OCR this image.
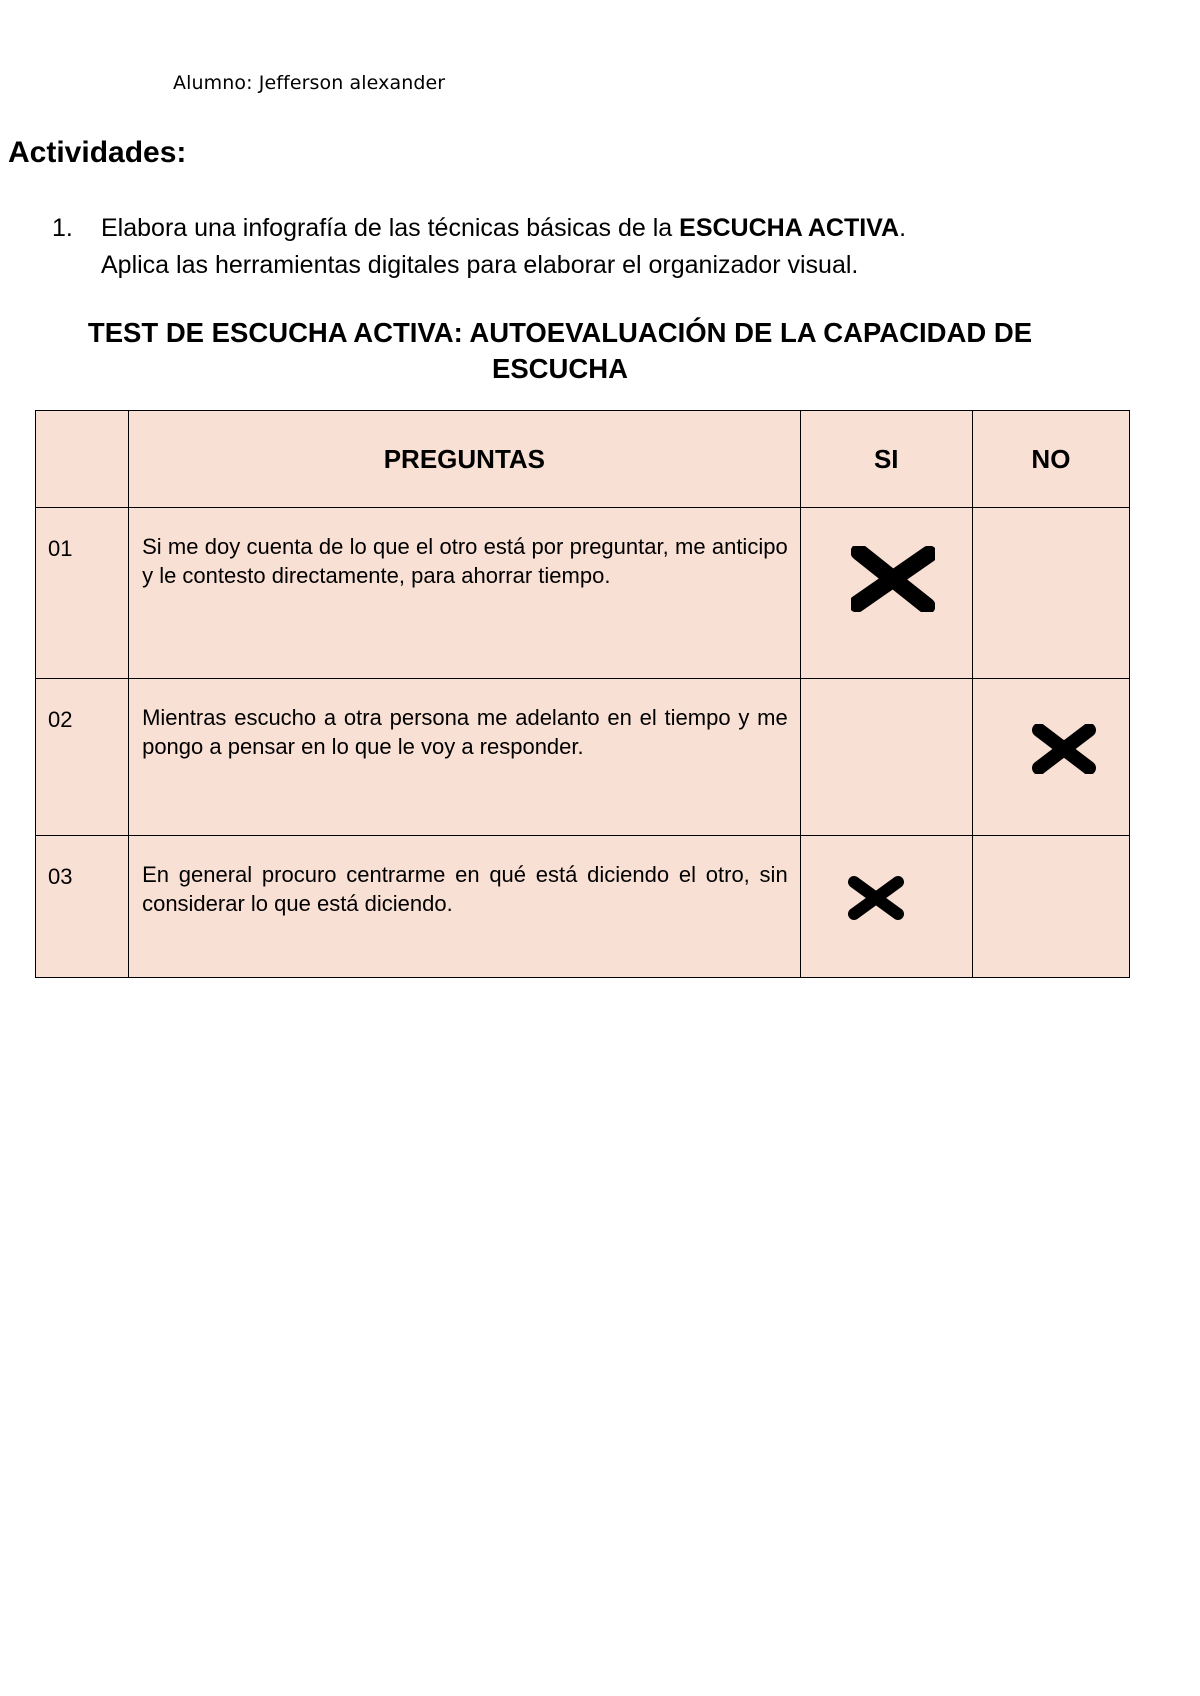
Alumno: Jefferson alexander
Actividades:
1.	Elabora una infografía de las técnicas básicas de la ESCUCHA ACTIVA.
Aplica las herramientas digitales para elaborar el organizador visual.
TEST DE ESCUCHA ACTIVA: AUTOEVALUACIÓN DE LA CAPACIDAD DE
ESCUCHA
	PREGUNTAS	SI	NO
01	Si me doy cuenta de lo que el otro está por preguntar, me anticipo y le contesto directamente, para ahorrar tiempo.	

02	Mientras escucho a otra persona me adelanto en el tiempo y me pongo a pensar en lo que le voy a responder.		

03	En general procuro centrarme en qué está diciendo el otro, sin considerar lo que está diciendo.	
